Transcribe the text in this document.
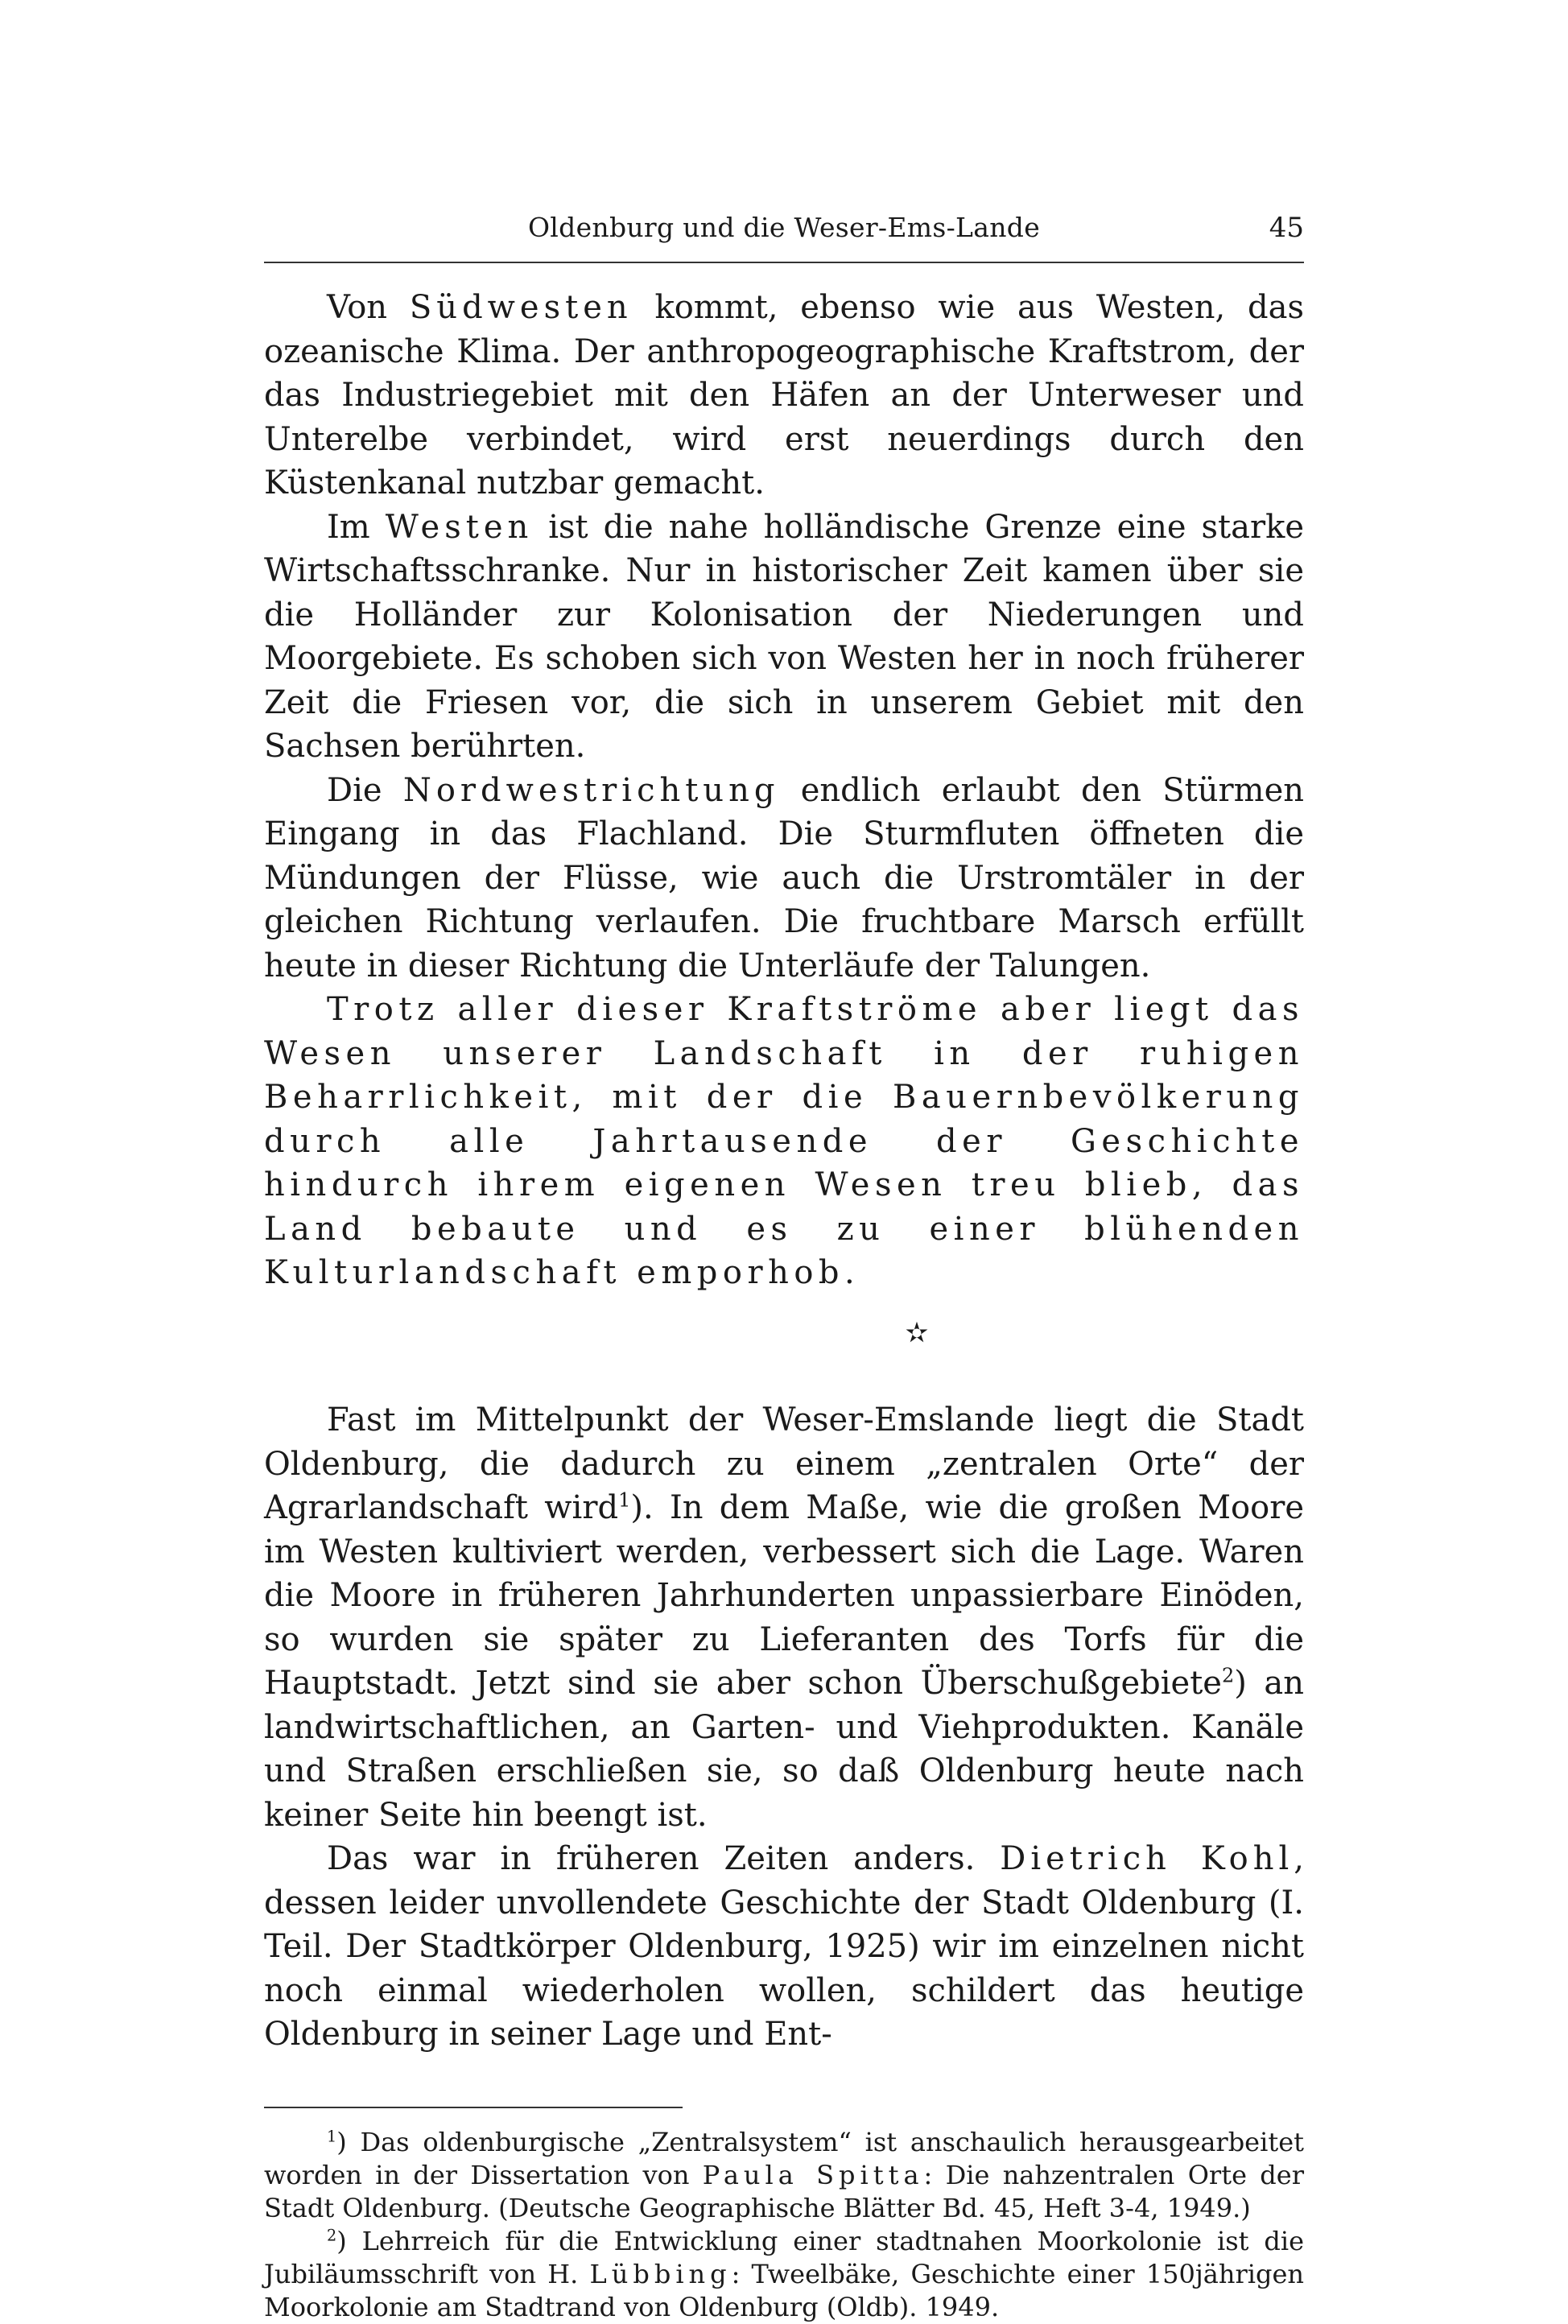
Oldenburg und die Weser-Ems-Lande	45

Von Südwesten kommt, ebenso wie aus Westen, das ozeanische Klima. Der anthropogeographische Kraftstrom, der das Industriegebiet mit den Häfen an der Unterweser und Unterelbe verbindet, wird erst neuerdings durch den Küstenkanal nutzbar gemacht.

Im Westen ist die nahe holländische Grenze eine starke Wirtschaftsschranke. Nur in historischer Zeit kamen über sie die Holländer zur Kolonisation der Niederungen und Moorgebiete. Es schoben sich von Westen her in noch früherer Zeit die Friesen vor, die sich in unserem Gebiet mit den Sachsen berührten.

Die Nordwestrichtung endlich erlaubt den Stürmen Eingang in das Flachland. Die Sturmfluten öffneten die Mündungen der Flüsse, wie auch die Urstromtäler in der gleichen Richtung verlaufen. Die fruchtbare Marsch erfüllt heute in dieser Richtung die Unterläufe der Talungen.

Trotz aller dieser Kraftströme aber liegt das Wesen unserer Landschaft in der ruhigen Beharrlichkeit, mit der die Bauernbevölkerung durch alle Jahrtausende der Geschichte hindurch ihrem eigenen Wesen treu blieb, das Land bebaute und es zu einer blühenden Kulturlandschaft emporhob.

✫

Fast im Mittelpunkt der Weser-Emslande liegt die Stadt Oldenburg, die dadurch zu einem „zentralen Orte“ der Agrarlandschaft wird$^1$). In dem Maße, wie die großen Moore im Westen kultiviert werden, verbessert sich die Lage. Waren die Moore in früheren Jahrhunderten unpassierbare Einöden, so wurden sie später zu Lieferanten des Torfs für die Hauptstadt. Jetzt sind sie aber schon Überschußgebiete$^2$) an landwirtschaftlichen, an Garten- und Viehprodukten. Kanäle und Straßen erschließen sie, so daß Oldenburg heute nach keiner Seite hin beengt ist.

Das war in früheren Zeiten anders. Dietrich Kohl, dessen leider unvollendete Geschichte der Stadt Oldenburg (I. Teil. Der Stadtkörper Oldenburg, 1925) wir im einzelnen nicht noch einmal wiederholen wollen, schildert das heutige Oldenburg in seiner Lage und Ent-

$^1$) Das oldenburgische „Zentralsystem“ ist anschaulich herausgearbeitet worden in der Dissertation von Paula Spitta: Die nahzentralen Orte der Stadt Oldenburg. (Deutsche Geographische Blätter Bd. 45, Heft 3-4, 1949.)

$^2$) Lehrreich für die Entwicklung einer stadtnahen Moorkolonie ist die Jubiläumsschrift von H. Lübbing: Tweelbäke, Geschichte einer 150jährigen Moorkolonie am Stadtrand von Oldenburg (Oldb). 1949.
